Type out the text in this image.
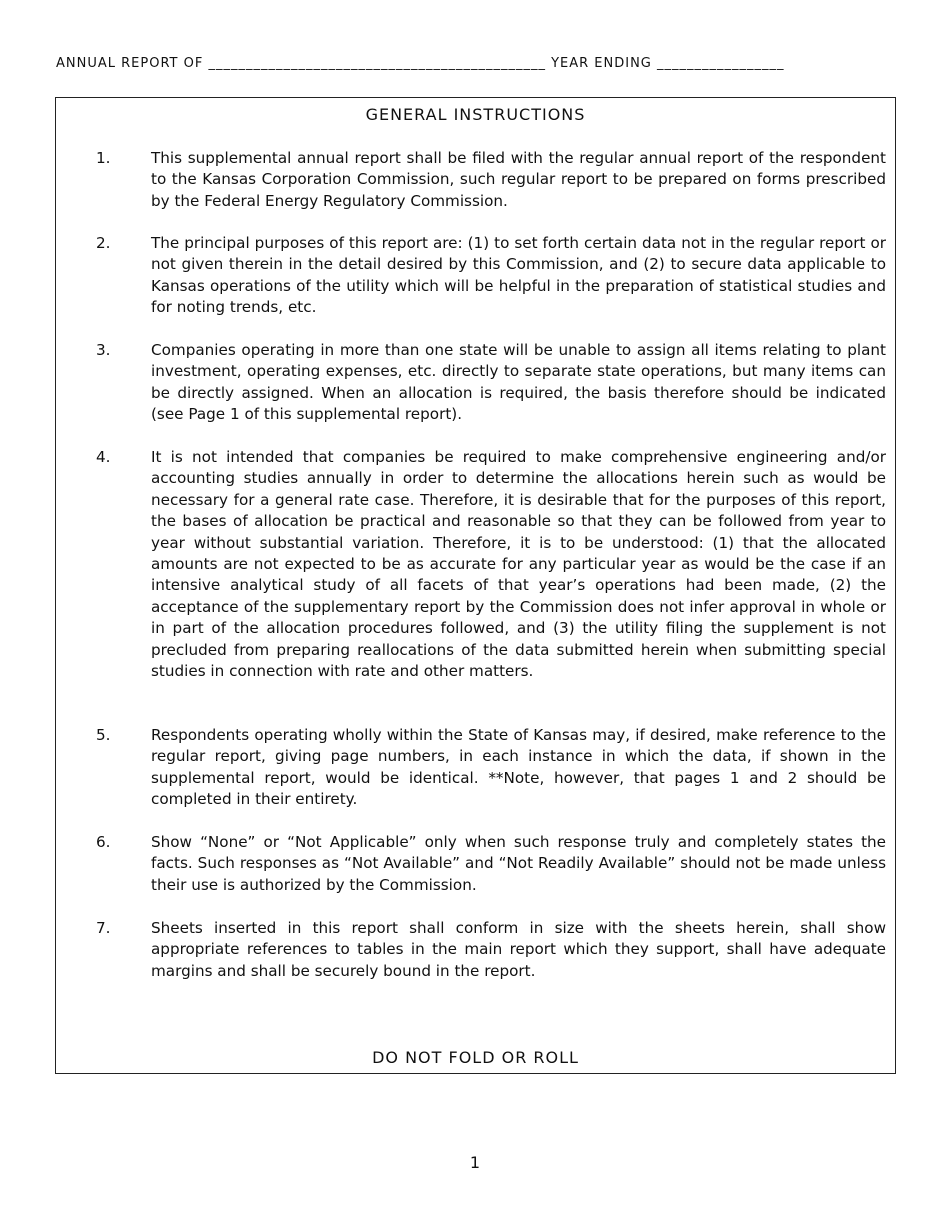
ANNUAL REPORT OF _____________________________________________ YEAR ENDING _________________
GENERAL INSTRUCTIONS
1.	This supplemental annual report shall be filed with the regular annual report of the respondent to the Kansas Corporation Commission, such regular report to be prepared on forms prescribed by the Federal Energy Regulatory Commission.
2.	The principal purposes of this report are: (1) to set forth certain data not in the regular report or not given therein in the detail desired by this Commission, and (2) to secure data applicable to Kansas operations of the utility which will be helpful in the preparation of statistical studies and for noting trends, etc.
3.	Companies operating in more than one state will be unable to assign all items relating to plant investment, operating expenses, etc. directly to separate state operations, but many items can be directly assigned. When an allocation is required, the basis therefore should be indicated (see Page 1 of this supplemental report).
4.	It is not intended that companies be required to make comprehensive engineering and/or accounting studies annually in order to determine the allocations herein such as would be necessary for a general rate case. Therefore, it is desirable that for the purposes of this report, the bases of allocation be practical and reasonable so that they can be followed from year to year without substantial variation. Therefore, it is to be understood: (1) that the allocated amounts are not expected to be as accurate for any particular year as would be the case if an intensive analytical study of all facets of that year’s operations had been made, (2) the acceptance of the supplementary report by the Commission does not infer approval in whole or in part of the allocation procedures followed, and (3) the utility filing the supplement is not precluded from preparing reallocations of the data submitted herein when submitting special studies in connection with rate and other matters.
5.	Respondents operating wholly within the State of Kansas may, if desired, make reference to the regular report, giving page numbers, in each instance in which the data, if shown in the supplemental report, would be identical. **Note, however, that pages 1 and 2 should be completed in their entirety.
6.	Show “None” or “Not Applicable” only when such response truly and completely states the facts. Such responses as “Not Available” and “Not Readily Available” should not be made unless their use is authorized by the Commission.
7.	Sheets inserted in this report shall conform in size with the sheets herein, shall show appropriate references to tables in the main report which they support, shall have adequate margins and shall be securely bound in the report.
DO NOT FOLD OR ROLL
1
